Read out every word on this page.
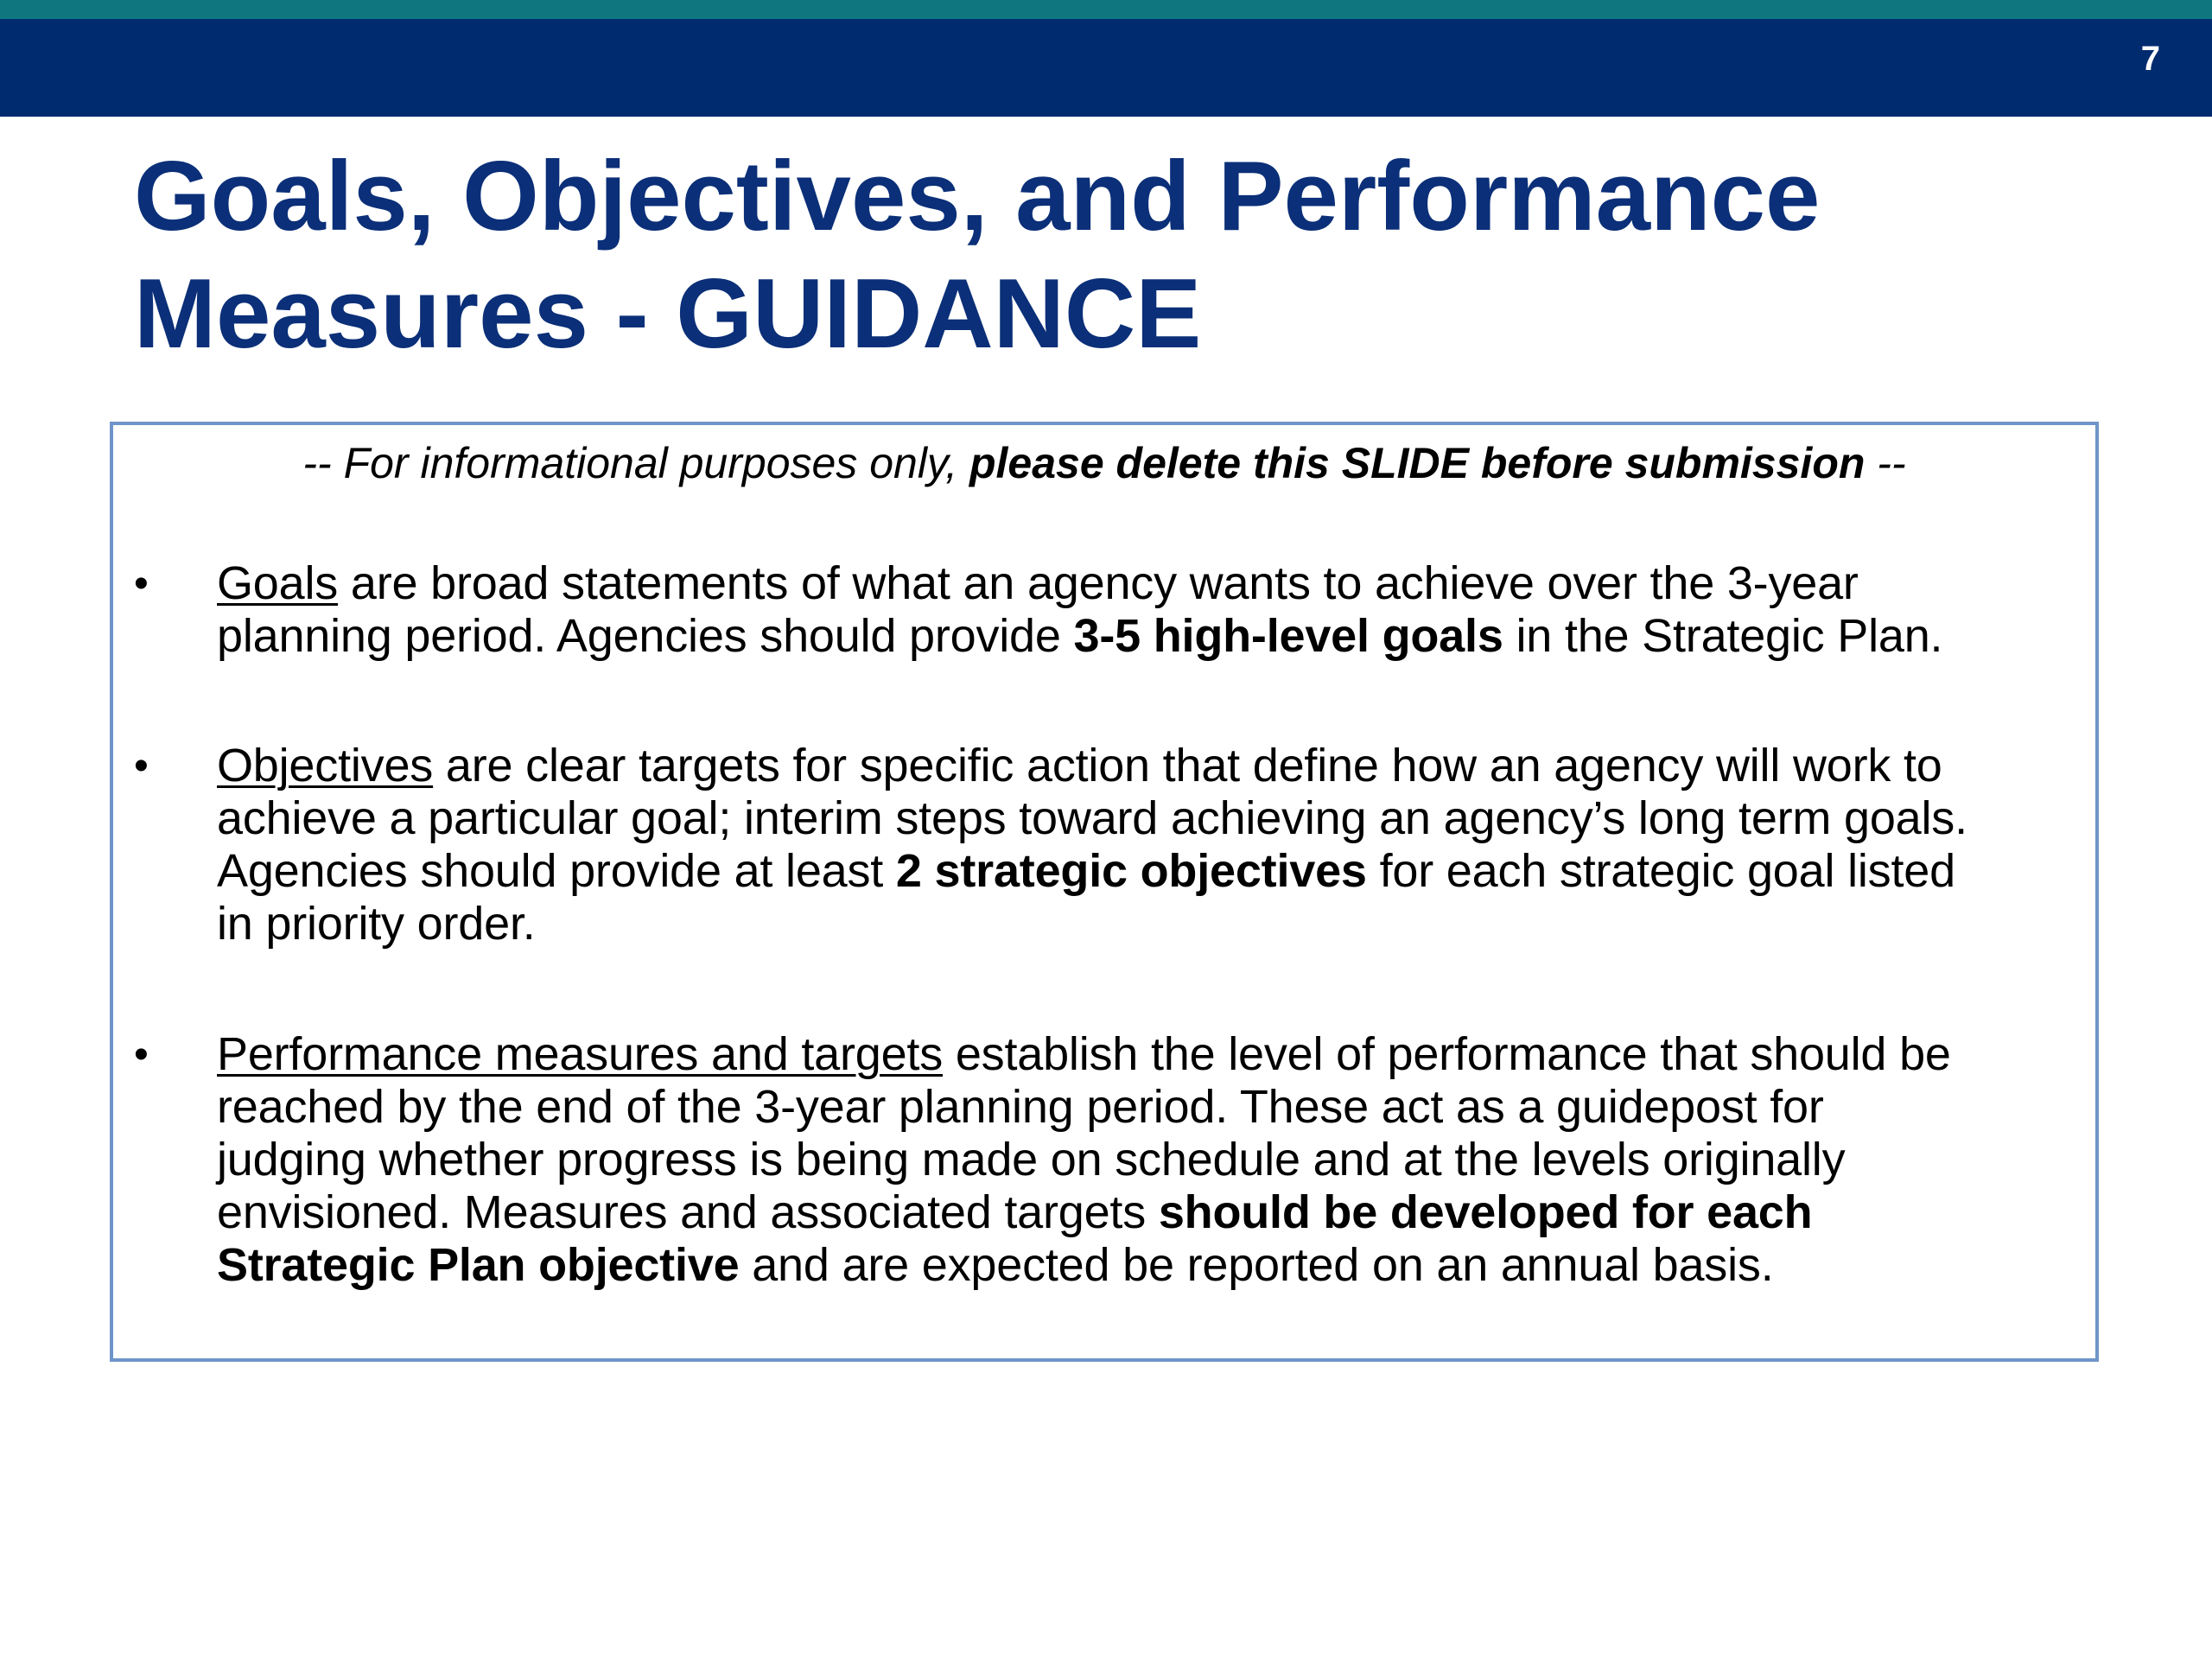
7
Goals, Objectives, and Performance
Measures - GUIDANCE
-- For informational purposes only, please delete this SLIDE before submission --
• Goals are broad statements of what an agency wants to achieve over the 3-year
planning period. Agencies should provide 3-5 high-level goals in the Strategic Plan.
• Objectives are clear targets for specific action that define how an agency will work to
achieve a particular goal; interim steps toward achieving an agency’s long term goals.
Agencies should provide at least 2 strategic objectives for each strategic goal listed
in priority order.
• Performance measures and targets establish the level of performance that should be
reached by the end of the 3-year planning period. These act as a guidepost for
judging whether progress is being made on schedule and at the levels originally
envisioned. Measures and associated targets should be developed for each
Strategic Plan objective and are expected be reported on an annual basis.
